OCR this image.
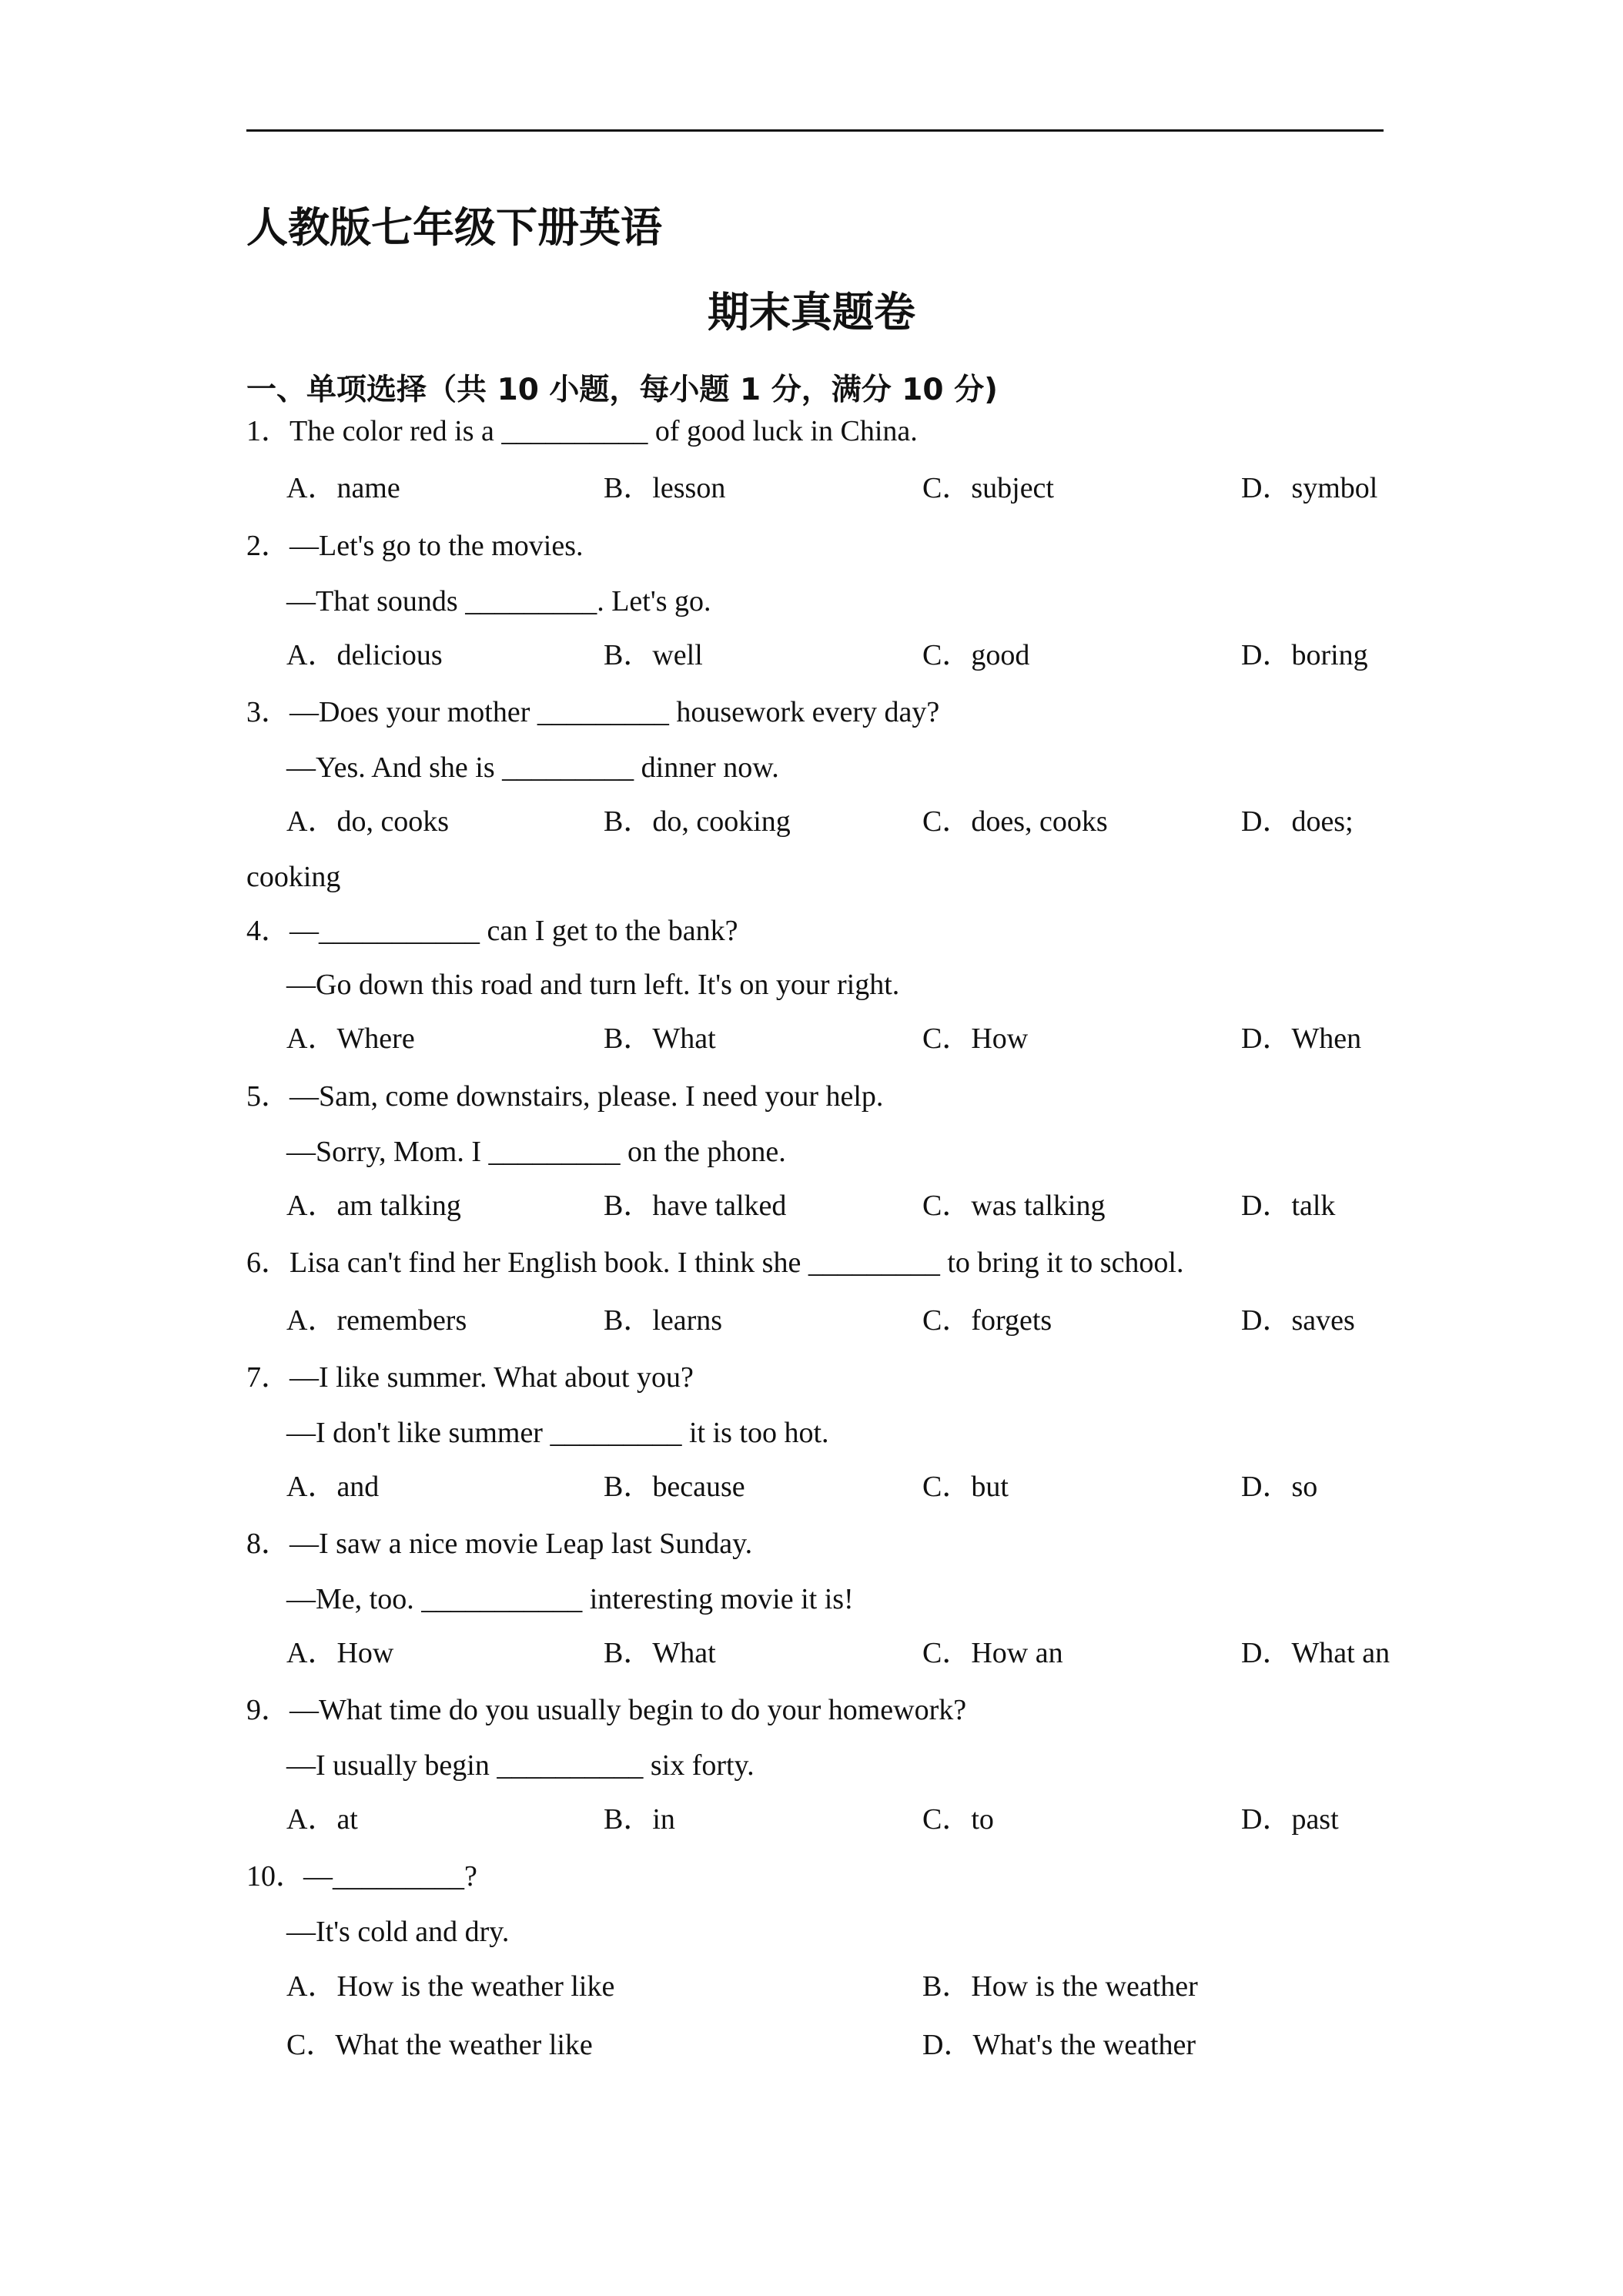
人教版七年级下册英语
期末真题卷
一、单项选择（共 10 小题，每小题 1 分，满分 10 分)
1．
The color red is a __________ of good luck in China.
A．name	B．lesson	C．subject	D．symbol
2．
—Let's go to the movies.
—That sounds _________. Let's go.
A．delicious	B．well	C．good	D．boring
3．
—Does your mother _________ housework every day?
—Yes. And she is _________ dinner now.
A．do, cooks	B．do, cooking	C．does, cooks	D．does;
cooking
4．
—___________ can I get to the bank?
—Go down this road and turn left. It's on your right.
A．Where	B．What	C．How	D．When
5．
—Sam, come downstairs, please. I need your help.
—Sorry, Mom. I _________ on the phone.
A．am talking	B．have talked	C．was talking	D．talk
6．
Lisa can't find her English book. I think she _________ to bring it to school.
A．remembers	B．learns	C．forgets	D．saves
7．
—I like summer. What about you?
—I don't like summer _________ it is too hot.
A．and	B．because	C．but	D．so
8．
—I saw a nice movie Leap last Sunday.
—Me, too. ___________ interesting movie it is!
A．How	B．What	C．How an	D．What an
9．
—What time do you usually begin to do your homework?
—I usually begin __________ six forty.
A．at	B．in	C．to	D．past
10．
—_________?
—It's cold and dry.
A．How is the weather like	B．How is the weather
C．What the weather like	D．What's the weather
